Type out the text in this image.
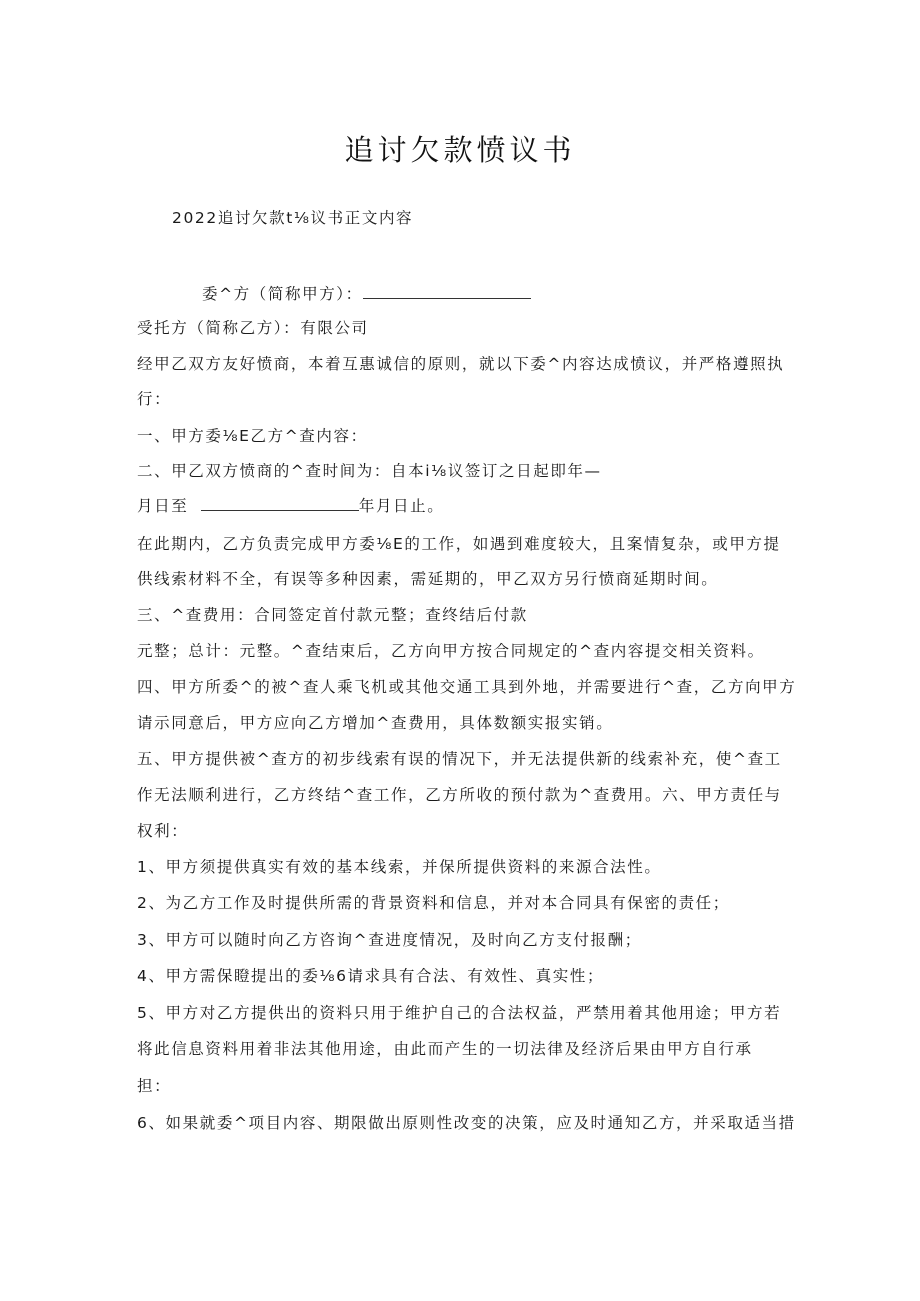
追讨欠款愤议书
2022追讨欠款t⅛议书正文内容
委^方（简称甲方）：
受托方（简称乙方）：有限公司
经甲乙双方友好愤商，本着互惠诚信的原则，就以下委^内容达成愤议，并严格遵照执
行：
一、甲方委⅛E乙方^查内容：
二、甲乙双方愤商的^查时间为：自本i⅛议签订之日起即年—
月日至	年月日止。
在此期内，乙方负责完成甲方委⅛E的工作，如遇到难度较大，且案情复杂，或甲方提
供线索材料不全，有误等多种因素，需延期的，甲乙双方另行愤商延期时间。
三、^查费用：合同签定首付款元整；查终结后付款
元整；总计：元整。^查结束后，乙方向甲方按合同规定的^查内容提交相关资料。
四、甲方所委^的被^查人乘飞机或其他交通工具到外地，并需要进行^查，乙方向甲方
请示同意后，甲方应向乙方增加^查费用，具体数额实报实销。
五、甲方提供被^查方的初步线索有误的情况下，并无法提供新的线索补充，使^查工
作无法顺利进行，乙方终结^查工作，乙方所收的预付款为^查费用。六、甲方责任与
权利：
1、甲方须提供真实有效的基本线索，并保所提供资料的来源合法性。
2、为乙方工作及时提供所需的背景资料和信息，并对本合同具有保密的责任；
3、甲方可以随时向乙方咨询^查进度情况，及时向乙方支付报酬；
4、甲方需保瞪提出的委⅛6请求具有合法、有效性、真实性；
5、甲方对乙方提供出的资料只用于维护自己的合法权益，严禁用着其他用途；甲方若
将此信息资料用着非法其他用途，由此而产生的一切法律及经济后果由甲方自行承
担：
6、如果就委^项目内容、期限做出原则性改变的决策，应及时通知乙方，并采取适当措
